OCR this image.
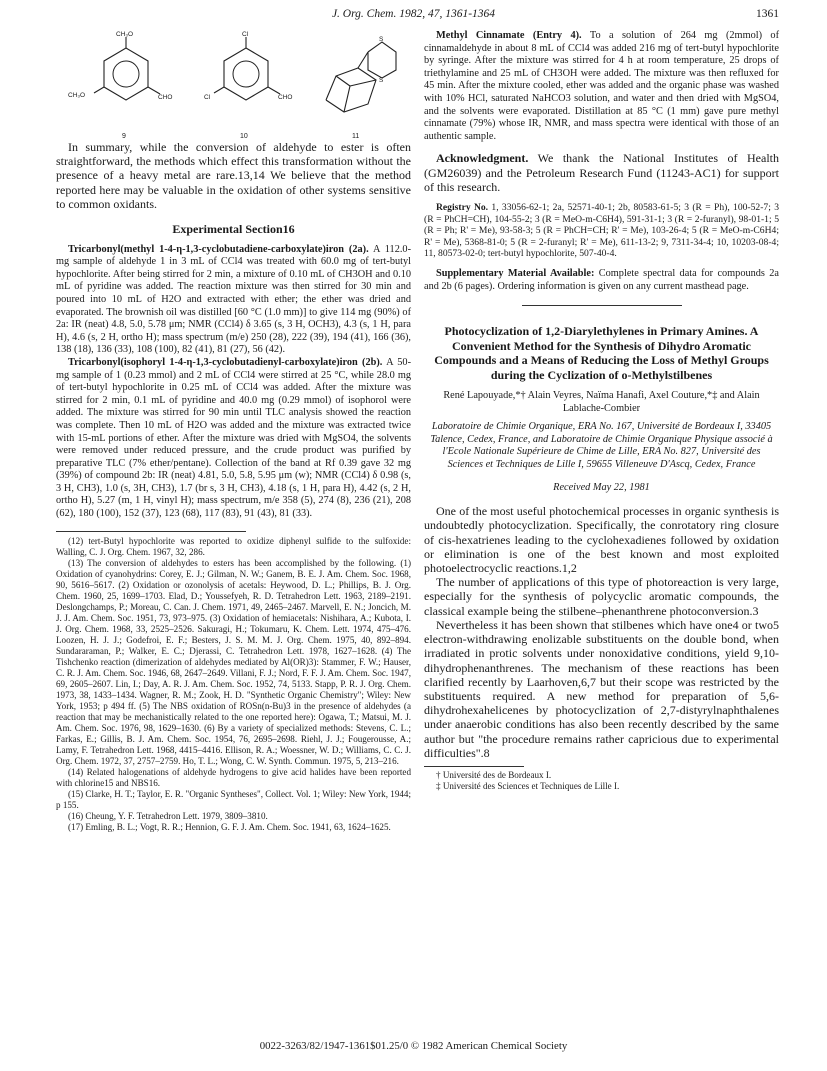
J. Org. Chem. 1982, 47, 1361-1364	1361
CH₃O
CH₃O	CHO
9
Cl
Cl	CHO
10
S
S
11

In summary, while the conversion of aldehyde to ester is often straightforward, the methods which effect this transformation without the presence of a heavy metal are rare.13,14 We believe that the method reported here may be valuable in the oxidation of other systems sensitive to common oxidants.

Experimental Section16

Tricarbonyl(methyl 1-4-η-1,3-cyclobutadiene-carboxylate)iron (2a). A 112.0-mg sample of aldehyde 1 in 3 mL of CCl4 was treated with 60.0 mg of tert-butyl hypochlorite. After being stirred for 2 min, a mixture of 0.10 mL of CH3OH and 0.10 mL of pyridine was added. The reaction mixture was then stirred for 30 min and poured into 10 mL of H2O and extracted with ether; the ether was dried and evaporated. The brownish oil was distilled [60 °C (1.0 mm)] to give 114 mg (90%) of 2a: IR (neat) 4.8, 5.0, 5.78 μm; NMR (CCl4) δ 3.65 (s, 3 H, OCH3), 4.3 (s, 1 H, para H), 4.6 (s, 2 H, ortho H); mass spectrum (m/e) 250 (28), 222 (39), 194 (41), 166 (36), 138 (18), 136 (33), 108 (100), 82 (41), 81 (27), 56 (42).

Tricarbonyl(isophoryl 1-4-η-1,3-cyclobutadienyl-carboxylate)iron (2b). A 50-mg sample of 1 (0.23 mmol) and 2 mL of CCl4 were stirred at 25 °C, while 28.0 mg of tert-butyl hypochlorite in 0.25 mL of CCl4 was added. After the mixture was stirred for 2 min, 0.1 mL of pyridine and 40.0 mg (0.29 mmol) of isophorol were added. The mixture was stirred for 90 min until TLC analysis showed the reaction was complete. Then 10 mL of H2O was added and the mixture was extracted twice with 15-mL portions of ether. After the mixture was dried with MgSO4, the solvents were removed under reduced pressure, and the crude product was purified by preparative TLC (7% ether/pentane). Collection of the band at Rf 0.39 gave 32 mg (39%) of compound 2b: IR (neat) 4.81, 5.0, 5.8, 5.95 μm (w); NMR (CCl4) δ 0.98 (s, 3 H, CH3), 1.0 (s, 3H, CH3), 1.7 (br s, 3 H, CH3), 4.18 (s, 1 H, para H), 4.42 (s, 2 H, ortho H), 5.27 (m, 1 H, vinyl H); mass spectrum, m/e 358 (5), 274 (8), 236 (21), 208 (62), 180 (100), 152 (37), 123 (68), 117 (83), 91 (43), 81 (33).

(12) tert-Butyl hypochlorite was reported to oxidize diphenyl sulfide to the sulfoxide: Walling, C. J. Org. Chem. 1967, 32, 286.

(13) The conversion of aldehydes to esters has been accomplished by the following. (1) Oxidation of cyanohydrins: Corey, E. J.; Gilman, N. W.; Ganem, B. E. J. Am. Chem. Soc. 1968, 90, 5616–5617. (2) Oxidation or ozonolysis of acetals: Heywood, D. L.; Phillips, B. J. Org. Chem. 1960, 25, 1699–1703. Elad, D.; Youssefyeh, R. D. Tetrahedron Lett. 1963, 2189–2191. Deslongchamps, P.; Moreau, C. Can. J. Chem. 1971, 49, 2465–2467. Marvell, E. N.; Joncich, M. J. J. Am. Chem. Soc. 1951, 73, 973–975. (3) Oxidation of hemiacetals: Nishihara, A.; Kubota, I. J. Org. Chem. 1968, 33, 2525–2526. Sakuragi, H.; Tokumaru, K. Chem. Lett. 1974, 475–476. Loozen, H. J. J.; Godefroi, E. F.; Besters, J. S. M. M. J. Org. Chem. 1975, 40, 892–894. Sundararaman, P.; Walker, E. C.; Djerassi, C. Tetrahedron Lett. 1978, 1627–1628. (4) The Tishchenko reaction (dimerization of aldehydes mediated by Al(OR)3): Stammer, F. W.; Hauser, C. R. J. Am. Chem. Soc. 1946, 68, 2647–2649. Villani, F. J.; Nord, F. F. J. Am. Chem. Soc. 1947, 69, 2605–2607. Lin, I.; Day, A. R. J. Am. Chem. Soc. 1952, 74, 5133. Stapp, P. R. J. Org. Chem. 1973, 38, 1433–1434. Wagner, R. M.; Zook, H. D. "Synthetic Organic Chemistry"; Wiley: New York, 1953; p 494 ff. (5) The NBS oxidation of ROSn(n-Bu)3 in the presence of aldehydes (a reaction that may be mechanistically related to the one reported here): Ogawa, T.; Matsui, M. J. Am. Chem. Soc. 1976, 98, 1629–1630. (6) By a variety of specialized methods: Stevens, C. L.; Farkas, E.; Gillis, B. J. Am. Chem. Soc. 1954, 76, 2695–2698. Riehl, J. J.; Fougerousse, A.; Lamy, F. Tetrahedron Lett. 1968, 4415–4416. Ellison, R. A.; Woessner, W. D.; Williams, C. C. J. Org. Chem. 1972, 37, 2757–2759. Ho, T. L.; Wong, C. W. Synth. Commun. 1975, 5, 213–216.

(14) Related halogenations of aldehyde hydrogens to give acid halides have been reported with chlorine15 and NBS16.

(15) Clarke, H. T.; Taylor, E. R. "Organic Syntheses", Collect. Vol. 1; Wiley: New York, 1944; p 155.

(16) Cheung, Y. F. Tetrahedron Lett. 1979, 3809–3810.

(17) Emling, B. L.; Vogt, R. R.; Hennion, G. F. J. Am. Chem. Soc. 1941, 63, 1624–1625.

Methyl Cinnamate (Entry 4). To a solution of 264 mg (2mmol) of cinnamaldehyde in about 8 mL of CCl4 was added 216 mg of tert-butyl hypochlorite by syringe. After the mixture was stirred for 4 h at room temperature, 25 drops of triethylamine and 25 mL of CH3OH were added. The mixture was then refluxed for 45 min. After the mixture cooled, ether was added and the organic phase was washed with 10% HCl, saturated NaHCO3 solution, and water and then dried with MgSO4, and the solvents were evaporated. Distillation at 85 °C (1 mm) gave pure methyl cinnamate (79%) whose IR, NMR, and mass spectra were identical with those of an authentic sample.

Acknowledgment. We thank the National Institutes of Health (GM26039) and the Petroleum Research Fund (11243-AC1) for support of this research.

Registry No. 1, 33056-62-1; 2a, 52571-40-1; 2b, 80583-61-5; 3 (R = Ph), 100-52-7; 3 (R = PhCH=CH), 104-55-2; 3 (R = MeO-m-C6H4), 591-31-1; 3 (R = 2-furanyl), 98-01-1; 5 (R = Ph; R' = Me), 93-58-3; 5 (R = PhCH=CH; R' = Me), 103-26-4; 5 (R = MeO-m-C6H4; R' = Me), 5368-81-0; 5 (R = 2-furanyl; R' = Me), 611-13-2; 9, 7311-34-4; 10, 10203-08-4; 11, 80573-02-0; tert-butyl hypochlorite, 507-40-4.

Supplementary Material Available: Complete spectral data for compounds 2a and 2b (6 pages). Ordering information is given on any current masthead page.

Photocyclization of 1,2-Diarylethylenes in Primary Amines. A Convenient Method for the Synthesis of Dihydro Aromatic Compounds and a Means of Reducing the Loss of Methyl Groups during the Cyclization of o-Methylstilbenes
René Lapouyade,*† Alain Veyres, Naïma Hanafi, Axel Couture,*‡ and Alain Lablache-Combier
Laboratoire de Chimie Organique, ERA No. 167, Université de Bordeaux I, 33405 Talence, Cedex, France, and Laboratoire de Chimie Organique Physique associé à l'Ecole Nationale Supérieure de Chime de Lille, ERA No. 827, Université des Sciences et Techniques de Lille I, 59655 Villeneuve D'Ascq, Cedex, France
Received May 22, 1981

One of the most useful photochemical processes in organic synthesis is undoubtedly photocyclization. Specifically, the conrotatory ring closure of cis-hexatrienes leading to the cyclohexadienes followed by oxidation or elimination is one of the best known and most exploited photoelectrocyclic reactions.1,2

The number of applications of this type of photoreaction is very large, especially for the synthesis of polycyclic aromatic compounds, the classical example being the stilbene–phenanthrene photoconversion.3

Nevertheless it has been shown that stilbenes which have one4 or two5 electron-withdrawing enolizable substituents on the double bond, when irradiated in protic solvents under nonoxidative conditions, yield 9,10-dihydrophenanthrenes. The mechanism of these reactions has been clarified recently by Laarhoven,6,7 but their scope was restricted by the substituents required. A new method for preparation of 5,6-dihydrohexahelicenes by photocyclization of 2,7-distyrylnaphthalenes under anaerobic conditions has also been recently described by the same author but "the procedure remains rather capricious due to experimental difficulties".8

† Université des de Bordeaux I.

‡ Université des Sciences et Techniques de Lille I.

0022-3263/82/1947-1361$01.25/0 © 1982 American Chemical Society
